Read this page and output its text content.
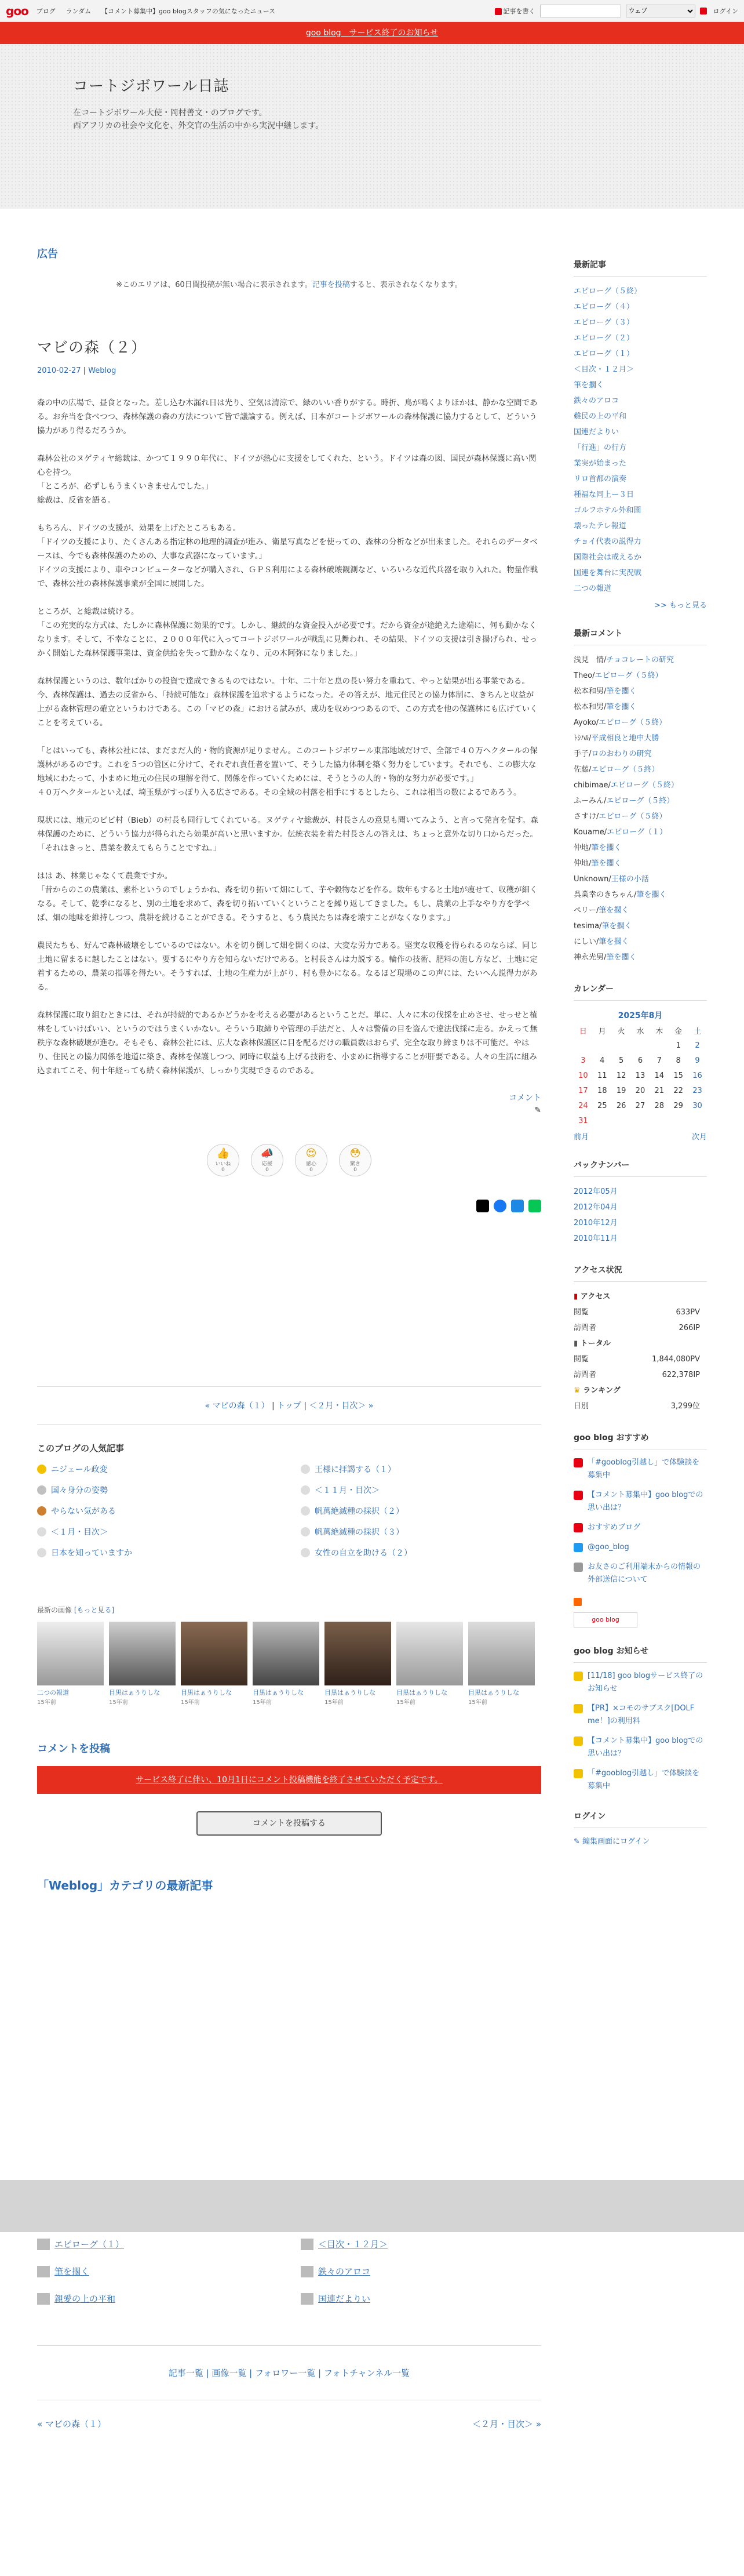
goo ブログ ランダム 【コメント募集中】goo blogスタッフの気になったニュース	記事を書く
ウェブ	ログイン
goo blog　サービス終了のお知らせ
コートジボワール日誌
在コートジボワール大使・岡村善文・のブログです。
西アフリカの社会や文化を、外交官の生活の中から実況中継します。
広告
※このエリアは、60日間投稿が無い場合に表示されます。記事を投稿すると、表示されなくなります。
マビの森（２）
2010-02-27 | Weblog

森の中の広場で、昼食となった。差し込む木漏れ日は光り、空気は清涼で、緑のいい香りがする。時折、鳥が鳴くよりほかは、静かな空間である。お弁当を食べつつ、森林保護の森の方法について皆で議論する。例えば、日本がコートジボワールの森林保護に協力するとして、どういう協力があり得るだろうか。

森林公社のヌゲティヤ総裁は、かつて１９９０年代に、ドイツが熱心に支援をしてくれた、という。ドイツは森の図、国民が森林保護に高い関心を持つ。
「ところが、必ずしもうまくいきませんでした。」
総裁は、反省を語る。

もちろん、ドイツの支援が、効果を上げたところもある。
「ドイツの支援により、たくさんある指定林の地理的調査が進み、衛星写真などを使っての、森林の分析などが出来ました。それらのデータベースは、今でも森林保護のための、大事な武器になっています。」
ドイツの支援により、車やコンピューターなどが購入され、ＧＰＳ利用による森林破壊観測など、いろいろな近代兵器を取り入れた。物量作戦で、森林公社の森林保護事業が全国に展開した。

ところが、と総裁は続ける。
「この充実的な方式は、たしかに森林保護に効果的です。しかし、継続的な資金投入が必要です。だから資金が途絶えた途端に、何も動かなくなります。そして、不幸なことに、２０００年代に入ってコートジボワールが戦乱に見舞われ、その結果、ドイツの支援は引き揚げられ、せっかく開始した森林保護事業は、資金供給を失って動かなくなり、元の木阿弥になりました。」

森林保護というのは、数年ばかりの投資で達成できるものではない。十年、二十年と息の長い努力を重ねて、やっと結果が出る事業である。今、森林保護は、過去の反省から、「持続可能な」森林保護を追求するようになった。その答えが、地元住民との協力体制に、きちんと収益が上がる森林管理の確立というわけである。この「マビの森」における試みが、成功を収めつつあるので、この方式を他の保護林にも広げていくことを考えている。

「とはいっても、森林公社には、まだまだ人的・物的資源が足りません。このコートジボワール東部地域だけで、全部で４０万ヘクタールの保護林があるのです。これを５つの管区に分けて、それぞれ責任者を置いて、そうした協力体制を築く努力をしています。それでも、この膨大な地域にわたって、小まめに地元の住民の理解を得て、関係を作っていくためには、そうとうの人的・物的な努力が必要です。」
４０万ヘクタールといえば、埼玉県がすっぽり入る広さである。その全域の村落を相手にするとしたら、これは相当の数によるであろう。

現状には、地元のビビ村（Bieb）の村長も同行してくれている。ヌゲティヤ総裁が、村長さんの意見も聞いてみよう、と言って発言を促す。森林保護のために、どういう協力が得られたら効果が高いと思いますか。伝統衣装を着た村長さんの答えは、ちょっと意外な切り口からだった。
「それはきっと、農業を教えてもらうことですね。」

はは あ、林業じゃなくて農業ですか。
「昔からのこの農業は、素朴というのでしょうかね、森を切り拓いて畑にして、芋や穀物などを作る。数年もすると土地が痩せて、収穫が細くなる。そして、乾季になると、別の土地を求めて、森を切り拓いていくということを繰り返してきました。もし、農業の上手なやり方を学べば、畑の地味を維持しつつ、農耕を続けることができる。そうすると、もう農民たちは森を壊すことがなくなります。」

農民たちも、好んで森林破壊をしているのではない。木を切り倒して畑を開くのは、大変な労力である。堅実な収穫を得られるのならば、同じ土地に留まるに越したことはない。要するにやり方を知らないだけである。と村長さんは力説する。輪作の技術、肥料の施し方など、土地に定着するための、農業の指導を得たい。そうすれば、土地の生産力が上がり、村も豊かになる。なるほど現場のこの声には、たいへん説得力がある。

森林保護に取り組むときには、それが持続的であるかどうかを考える必要があるということだ。単に、人々に木の伐採を止めさせ、せっせと植林をしていけばいい、というのではうまくいかない。そういう取締りや管理の手法だと、人々は警備の目を盗んで違法伐採に走る。かえって無秩序な森林破壊が進む。そもそも、森林公社には、広大な森林保護区に目を配るだけの職員数はおらず、完全な取り締まりは不可能だ。やはり、住民との協力関係を地道に築き、森林を保護しつつ、同時に収益も上げる技術を、小まめに指導することが肝要である。人々の生活に組み込まれてこそ、何十年経っても続く森林保護が、しっかり実現できるのである。

コメント
✎
👍
いいね
0
📣
応援
0
😍
感心
0
😳
驚き
0
« マビの森（１） | トップ | ＜２月・目次＞ »
このブログの人気記事
ニジェール政変	王様に拝謁する（１）
国々身分の姿勢	＜１１月・目次＞
やらない気がある	帆萬絶滅種の採択（２）
＜１月・目次＞	帆萬絶滅種の採択（３）
日本を知っていますか	女性の自立を助ける（２）
最新の画像 [もっと見る]
二つの報道
15年前
目黒はぁうりしな
15年前
目黒はぁうりしな
15年前
目黒はぁうりしな
15年前
目黒はぁうりしな
15年前
目黒はぁうりしな
15年前
目黒はぁうりしな
15年前
コメントを投稿
サービス終了に伴い、10月1日にコメント投稿機能を終了させていただく予定です。
コメントを投稿する
「Weblog」カテゴリの最新記事
エピローグ（１）	＜目次・１２月＞
筆を擱く	鉄々のアロコ
親愛の上の平和	国連だよりい
記事一覧 | 画像一覧 | フォロワー一覧 | フォトチャンネル一覧
« マビの森（１）	＜２月・目次＞ »
最新記事
エピローグ（５終）
エピローグ（４）
エピローグ（３）
エピローグ（２）
エピローグ（１）
＜目次・１２月＞
筆を擱く
鉄々のアロコ
難民の上の平和
国連だよりい
「行進」の行方
業実が始まった
リロ首都の演奏
種福な同上ー３日
ゴルフホテル外和園
壊ったテレ報道
チョイ代表の説得力
国際社会は戒えるか
国連を舞台に実況戦
二つの報道
>> もっと見る
最新コメント
浅見　情/チョコレートの研究
Theo/エピローグ（５終）
松本和男/筆を擱く
松本和男/筆を擱く
Ayoko/エピローグ（５終）
ﾄｼﾊﾙ/平成相良と地中大勝
手子/ロのおわりの研究
佐藤/エピローグ（５終）
chibimae/エピローグ（５終）
ふーみん/エピローグ（５終）
さすけ/エピローグ（５終）
Kouame/エピローグ（１）
仲地/筆を擱く
仲地/筆を擱く
Unknown/王様の小話
呉業幸のきちゃん/筆を擱く
ペリー/筆を擱く
tesima/筆を擱く
にしい/筆を擱く
神永光男/筆を擱く
カレンダー
2025年8月						
日	月	火	水	木	金	土
					1	2
3	4	5	6	7	8	9
10	11	12	13	14	15	16
17	18	19	20	21	22	23
24	25	26	27	28	29	30
31						
前月	次月
バックナンバー
2012年05月
2012年04月
2010年12月
2010年11月
アクセス状況
▮ アクセス
閲覧	633PV
訪問者	266IP
▮ トータル
閲覧	1,844,080PV
訪問者	622,378IP
♛ ランキング
日別	3,299位
goo blog おすすめ
「#gooblog引越し」で体験談を募集中
【コメント募集中】goo blogでの思い出は？
おすすめブログ
@goo_blog
お友さのご利用端末からの情報の外部送信について
goo blog
goo blog お知らせ
[11/18] goo blogサービス終了のお知らせ
【PR】×コモのサブスク[DOLF me！]の利用料
【コメント募集中】goo blogでの思い出は？
「#gooblog引越し」で体験談を募集中
ログイン
✎ 編集画面にログイン
